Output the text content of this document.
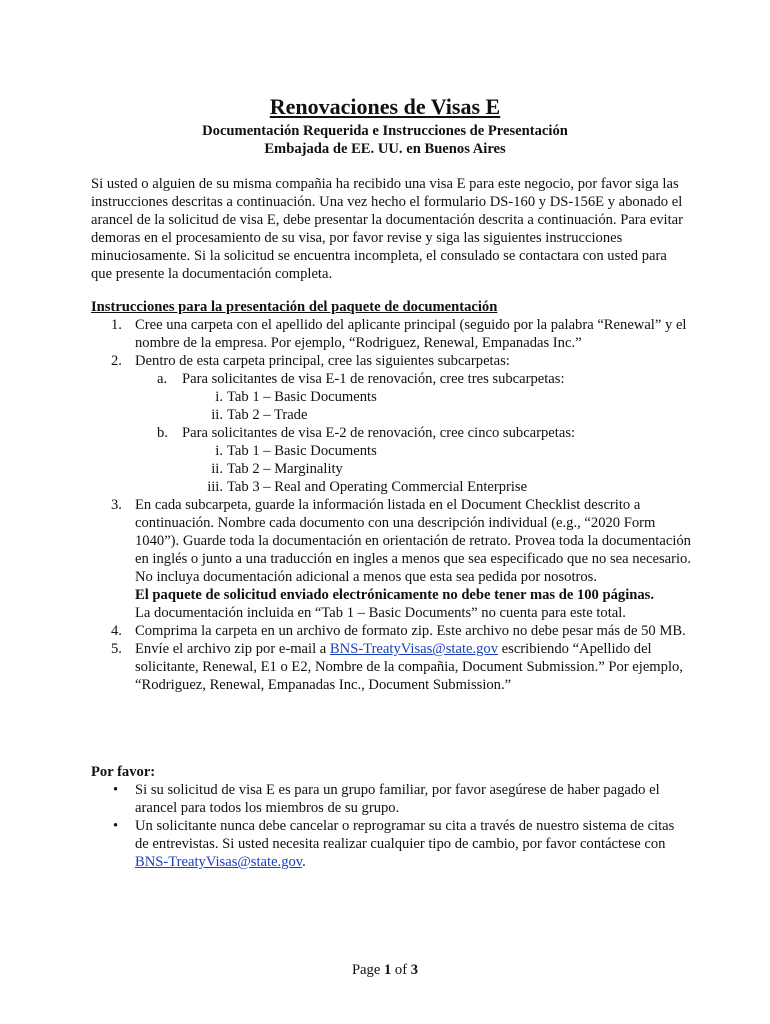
Renovaciones de Visas E
Documentación Requerida e Instrucciones de Presentación
Embajada de EE. UU. en Buenos Aires

Si usted o alguien de su misma compañia ha recibido una visa E para este negocio, por favor siga las instrucciones descritas a continuación. Una vez hecho el formulario DS-160 y DS-156E y abonado el arancel de la solicitud de visa E, debe presentar la documentación descrita a continuación. Para evitar demoras en el procesamiento de su visa, por favor revise y siga las siguientes instrucciones minuciosamente. Si la solicitud se encuentra incompleta, el consulado se contactara con usted para que presente la documentación completa.

Instrucciones para la presentación del paquete de documentación
1. Cree una carpeta con el apellido del aplicante principal (seguido por la palabra “Renewal” y el nombre de la empresa. Por ejemplo, “Rodriguez, Renewal, Empanadas Inc.”
2. Dentro de esta carpeta principal, cree las siguientes subcarpetas:
a.	Para solicitantes de visa E-1 de renovación, cree tres subcarpetas:
i. Tab 1 – Basic Documents
ii. Tab 2 – Trade
b. Para solicitantes de visa E-2 de renovación, cree cinco subcarpetas:
i. Tab 1 – Basic Documents
ii. Tab 2 – Marginality
iii. Tab 3 – Real and Operating Commercial Enterprise
3. En cada subcarpeta, guarde la información listada en el Document Checklist descrito a continuación. Nombre cada documento con una descripción individual (e.g., “2020 Form 1040”). Guarde toda la documentación en orientación de retrato. Provea toda la documentación en inglés o junto a una traducción en ingles a menos que sea especificado que no sea necesario. No incluya documentación adicional a menos que esta sea pedida por nosotros.
El paquete de solicitud enviado electrónicamente no debe tener mas de 100 páginas.
La documentación incluida en “Tab 1 – Basic Documents” no cuenta para este total.
4. Comprima la carpeta en un archivo de formato zip. Este archivo no debe pesar más de 50 MB.
5. Envíe el archivo zip por e-mail a BNS-TreatyVisas@state.gov escribiendo “Apellido del solicitante, Renewal, E1 o E2, Nombre de la compañia, Document Submission.” Por ejemplo, “Rodriguez, Renewal, Empanadas Inc., Document Submission.”
Por favor:
• Si su solicitud de visa E es para un grupo familiar, por favor asegúrese de haber pagado el arancel para todos los miembros de su grupo.
• Un solicitante nunca debe cancelar o reprogramar su cita a través de nuestro sistema de citas de entrevistas. Si usted necesita realizar cualquier tipo de cambio, por favor contáctese con BNS-TreatyVisas@state.gov.
Page 1 of 3
